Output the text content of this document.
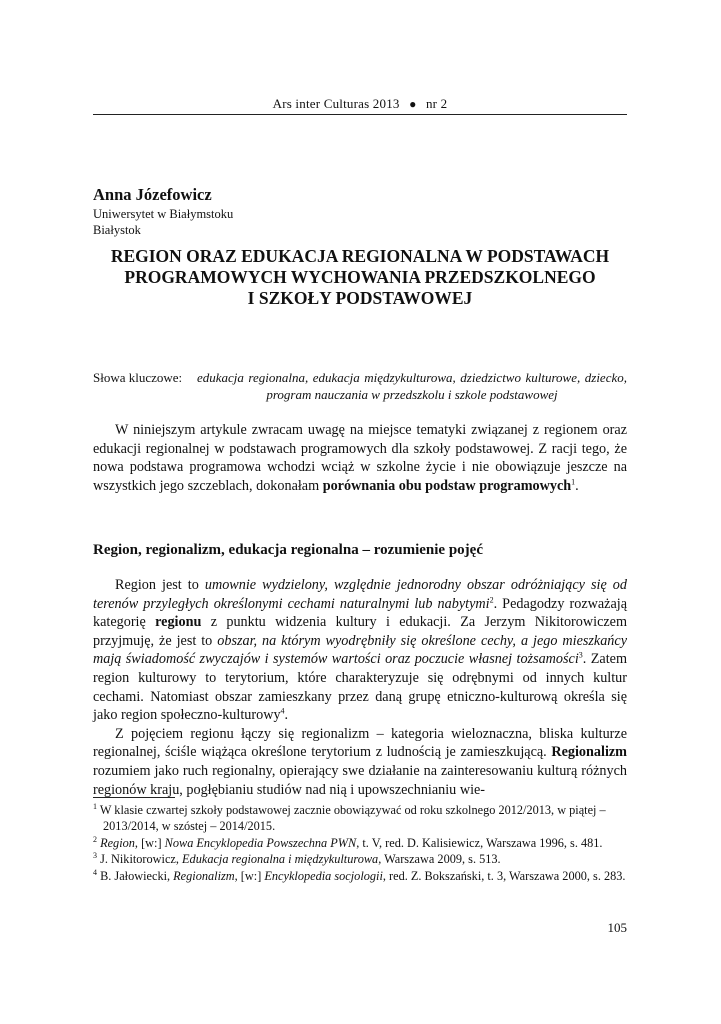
Ars inter Culturas 2013 ● nr 2
Anna Józefowicz
Uniwersytet w Białymstoku
Białystok
REGION ORAZ EDUKACJA REGIONALNA W PODSTAWACH
PROGRAMOWYCH WYCHOWANIA PRZEDSZKOLNEGO
I SZKOŁY PODSTAWOWEJ
Słowa kluczowe: edukacja regionalna, edukacja międzykulturowa, dziedzictwo kulturowe, dziecko, program nauczania w przedszkolu i szkole podstawowej

W niniejszym artykule zwracam uwagę na miejsce tematyki związanej z regionem oraz edukacji regionalnej w podstawach programowych dla szkoły podstawowej. Z racji tego, że nowa podstawa programowa wchodzi wciąż w szkolne życie i nie obowiązuje jeszcze na wszystkich jego szczeblach, dokonałam porównania obu podstaw programowych$^1$.

Region, regionalizm, edukacja regionalna – rozumienie pojęć

Region jest to umownie wydzielony, względnie jednorodny obszar odróżniający się od terenów przyległych określonymi cechami naturalnymi lub nabytymi$^2$. Pedagodzy rozważają kategorię regionu z punktu widzenia kultury i edukacji. Za Jerzym Nikitorowiczem przyjmuję, że jest to obszar, na którym wyodrębniły się określone cechy, a jego mieszkańcy mają świadomość zwyczajów i systemów wartości oraz poczucie własnej tożsamości$^3$. Zatem region kulturowy to terytorium, które charakteryzuje się odrębnymi od innych kultur cechami. Natomiast obszar zamieszkany przez daną grupę etniczno-kulturową określa się jako region społeczno-kulturowy$^4$.

Z pojęciem regionu łączy się regionalizm – kategoria wieloznaczna, bliska kulturze regionalnej, ściśle wiążąca określone terytorium z ludnością je zamieszkującą. Regionalizm rozumiem jako ruch regionalny, opierający swe działanie na zainteresowaniu kulturą różnych regionów kraju, pogłębianiu studiów nad nią i upowszechnianiu wie-

$^1$ W klasie czwartej szkoły podstawowej zacznie obowiązywać od roku szkolnego 2012/2013, w piątej – 2013/2014, w szóstej – 2014/2015.

$^2$ Region, [w:] Nowa Encyklopedia Powszechna PWN, t. V, red. D. Kalisiewicz, Warszawa 1996, s. 481.

$^3$ J. Nikitorowicz, Edukacja regionalna i międzykulturowa, Warszawa 2009, s. 513.

$^4$ B. Jałowiecki, Regionalizm, [w:] Encyklopedia socjologii, red. Z. Bokszański, t. 3, Warszawa 2000, s. 283.

105
